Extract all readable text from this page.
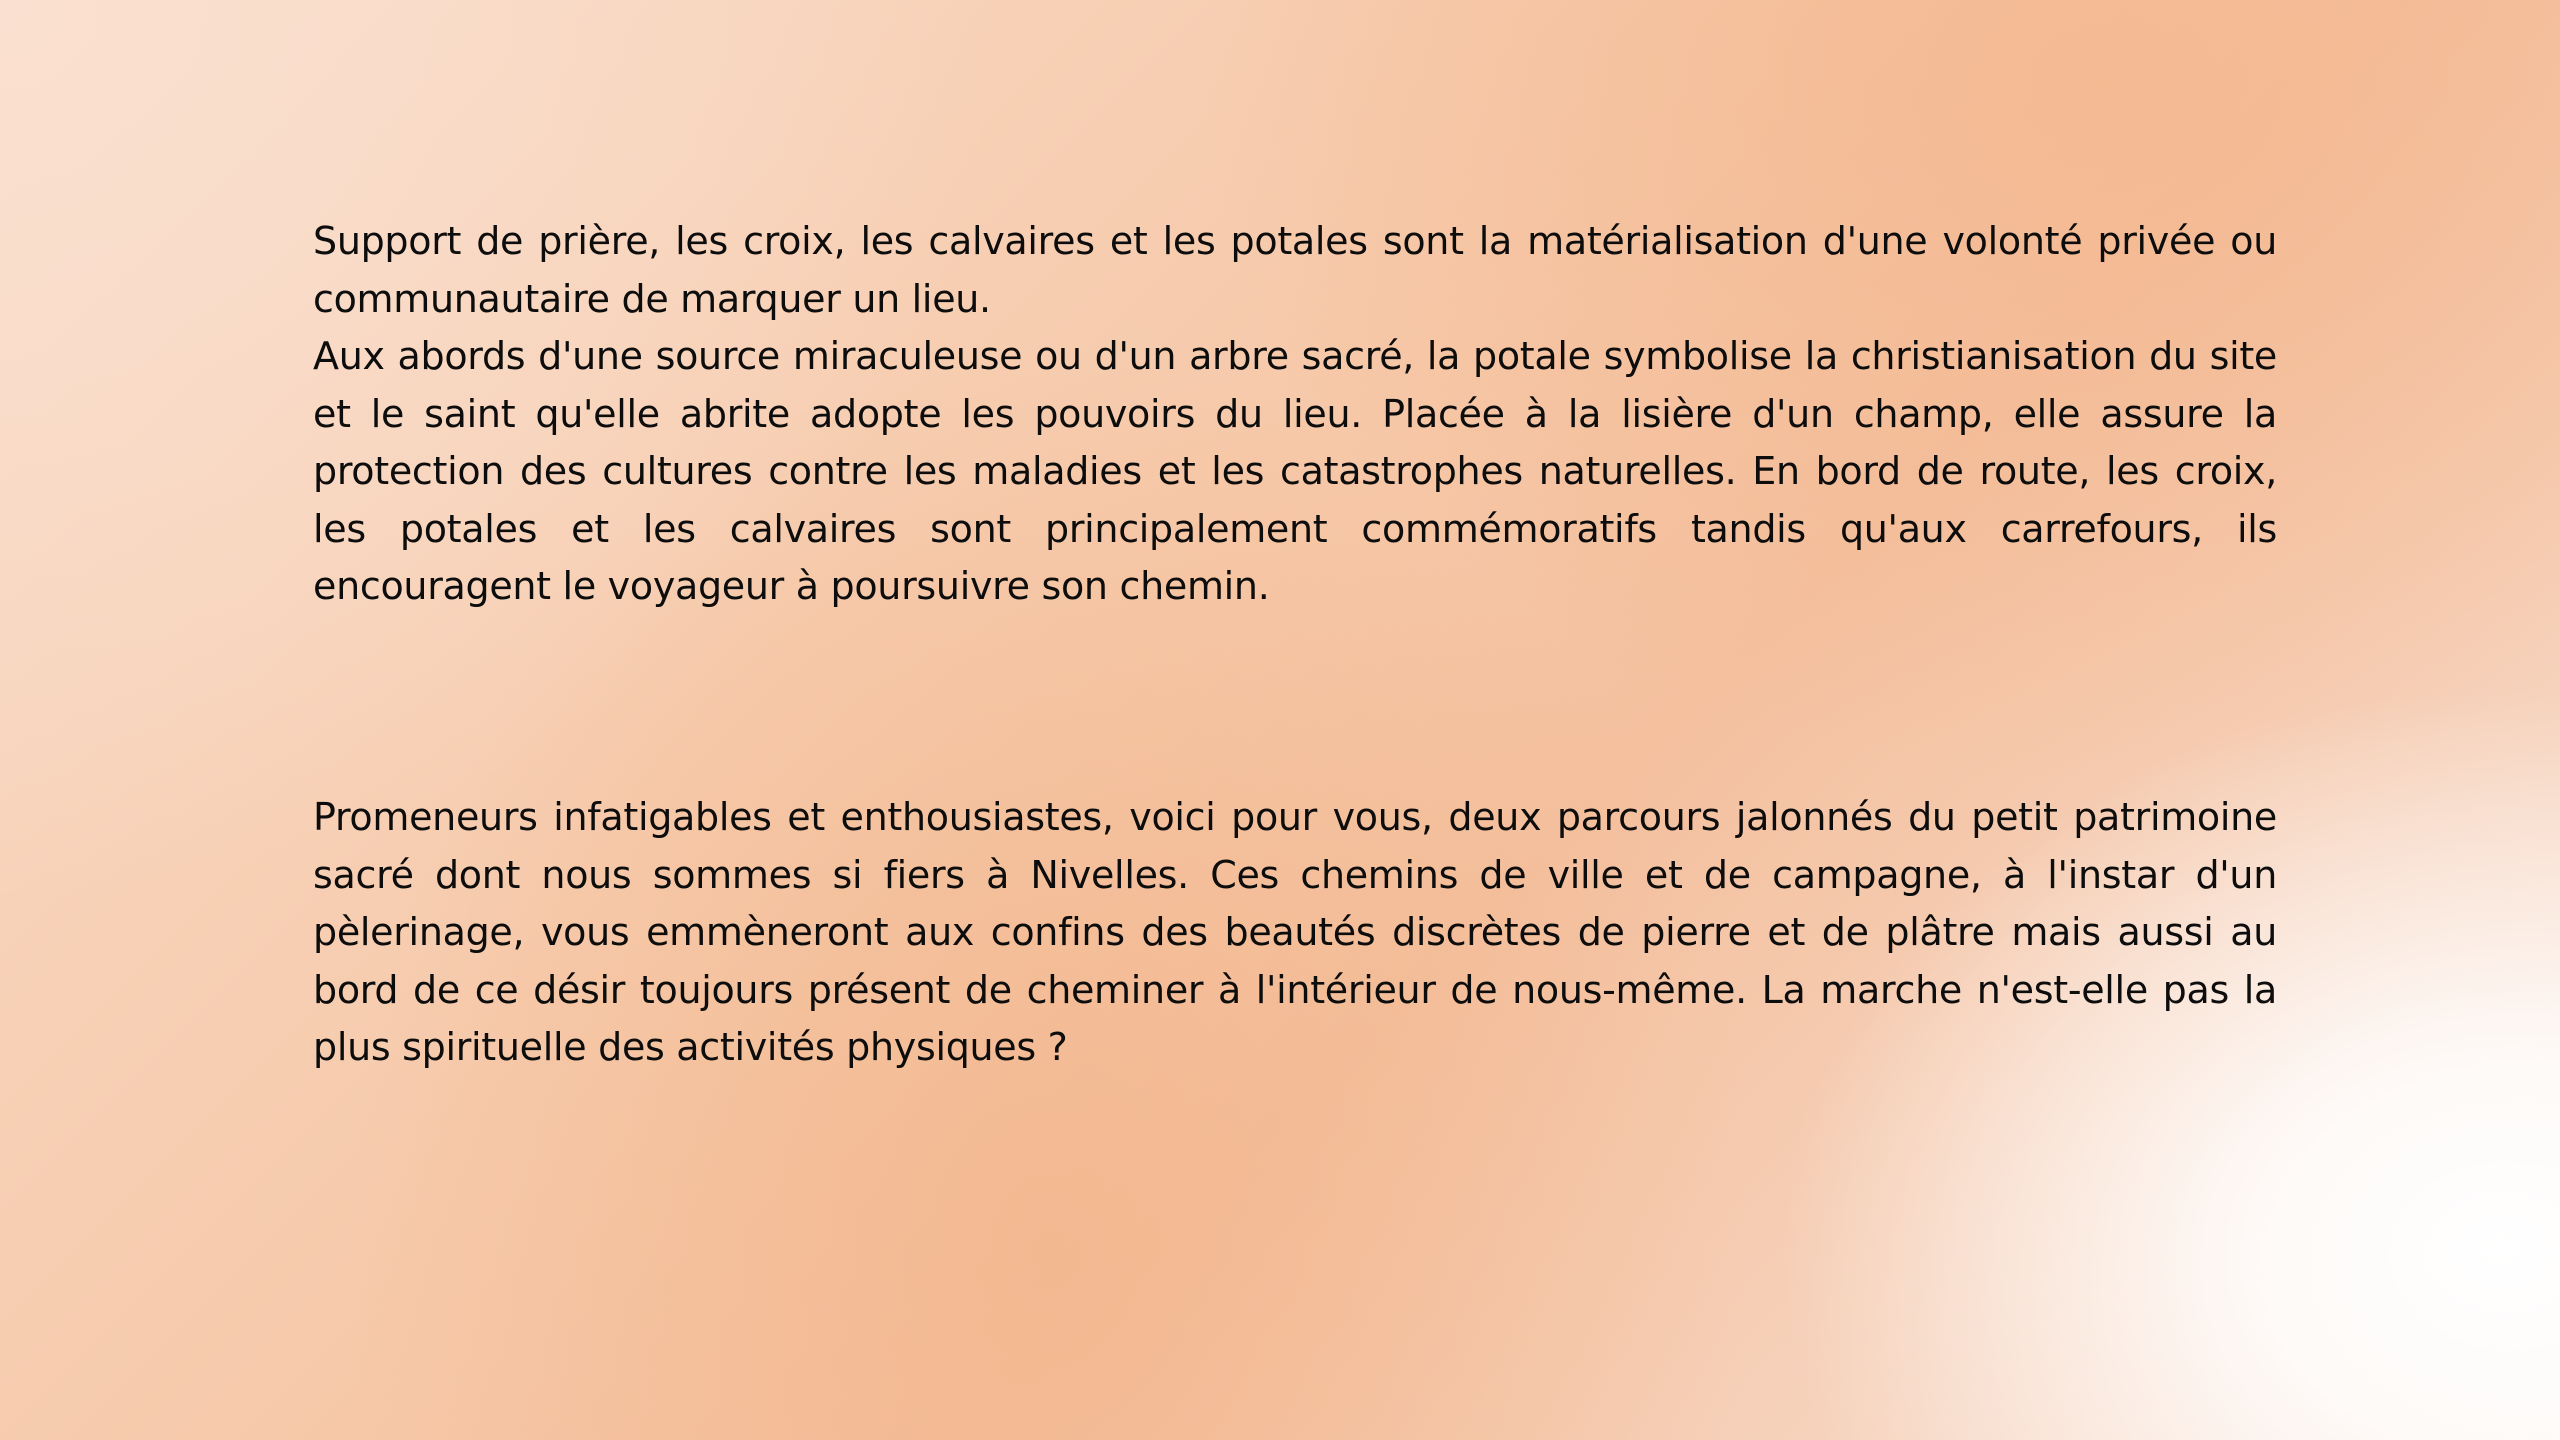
Support de prière, les croix, les calvaires et les potales sont la matérialisation d'une volonté privée ou communautaire de marquer un lieu.

Aux abords d'une source miraculeuse ou d'un arbre sacré, la potale symbolise la christianisation du site et le saint qu'elle abrite adopte les pouvoirs du lieu. Placée à la lisière d'un champ, elle assure la protection des cultures contre les maladies et les catastrophes naturelles. En bord de route, les croix, les potales et les calvaires sont principalement commémoratifs tandis qu'aux carrefours, ils encouragent le voyageur à poursuivre son chemin.

Promeneurs infatigables et enthousiastes, voici pour vous, deux parcours jalonnés du petit patrimoine sacré dont nous sommes si fiers à Nivelles. Ces chemins de ville et de campagne, à l'instar d'un pèlerinage, vous emmèneront aux confins des beautés discrètes de pierre et de plâtre mais aussi au bord de ce désir toujours présent de cheminer à l'intérieur de nous-même. La marche n'est-elle pas la plus spirituelle des activités physiques ?
